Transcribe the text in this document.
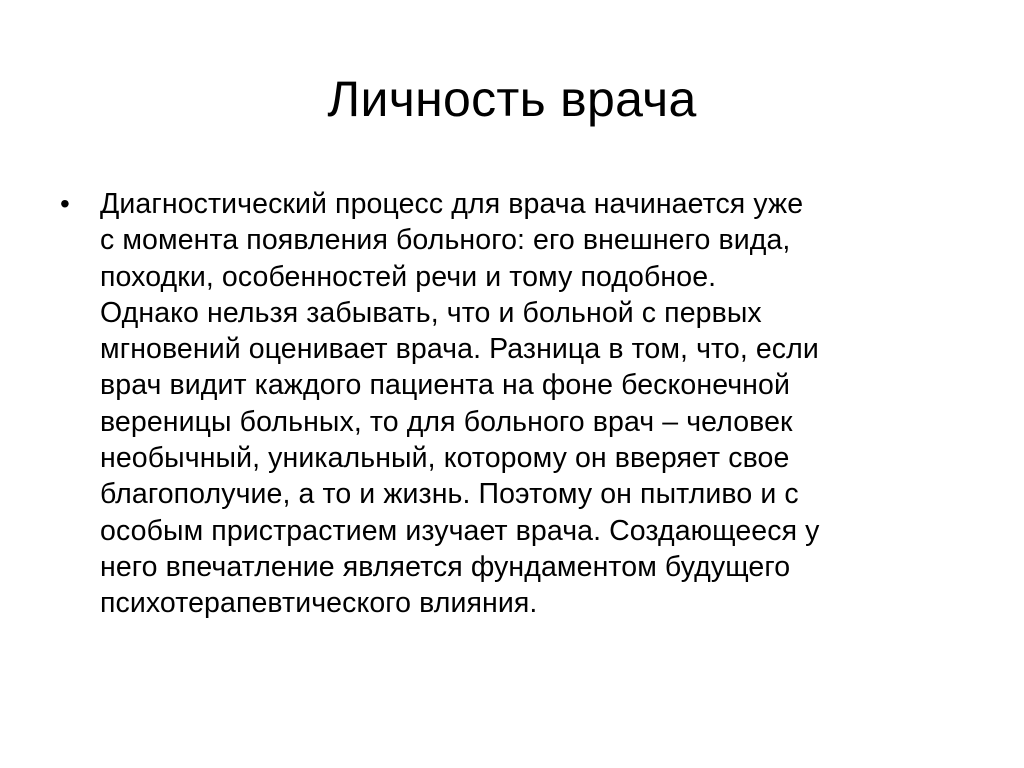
Личность врача
• Диагностический процесс для врача начинается уже
с момента появления больного: его внешнего вида,
походки, особенностей речи и тому подобное.
Однако нельзя забывать, что и больной с первых
мгновений оценивает врача. Разница в том, что, если
врач видит каждого пациента на фоне бесконечной
вереницы больных, то для больного врач – человек
необычный, уникальный, которому он вверяет свое
благополучие, а то и жизнь. Поэтому он пытливо и с
особым пристрастием изучает врача. Создающееся у
него впечатление является фундаментом будущего
психотерапевтического влияния.
